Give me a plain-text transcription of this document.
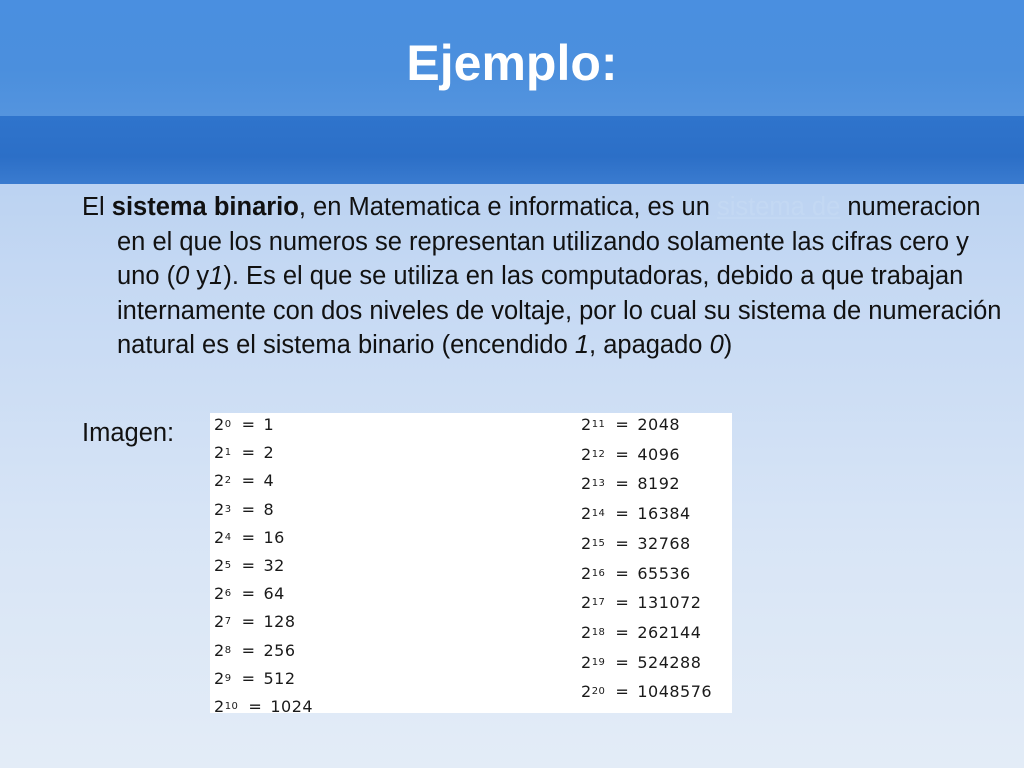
Ejemplo:

El sistema binario, en Matematica e informatica, es un sistema de numeracion en el que los numeros se representan utilizando solamente las cifras cero y uno (0 y1). Es el que se utiliza en las computadoras, debido a que trabajan internamente con dos niveles de voltaje, por lo cual su sistema de numeración natural es el sistema binario (encendido 1, apagado 0)

Imagen: $2^0 = 1$
$2^1 = 2$
$2^2 = 4$
$2^3 = 8$
$2^4 = 16$
$2^5 = 32$
$2^6 = 64$
$2^7 = 128$
$2^8 = 256$
$2^9 = 512$
$2^{10} = 1024$
$2^{11} = 2048$
$2^{12} = 4096$
$2^{13} = 8192$
$2^{14} = 16384$
$2^{15} = 32768$
$2^{16} = 65536$
$2^{17} = 131072$
$2^{18} = 262144$
$2^{19} = 524288$
$2^{20} = 1048576$
